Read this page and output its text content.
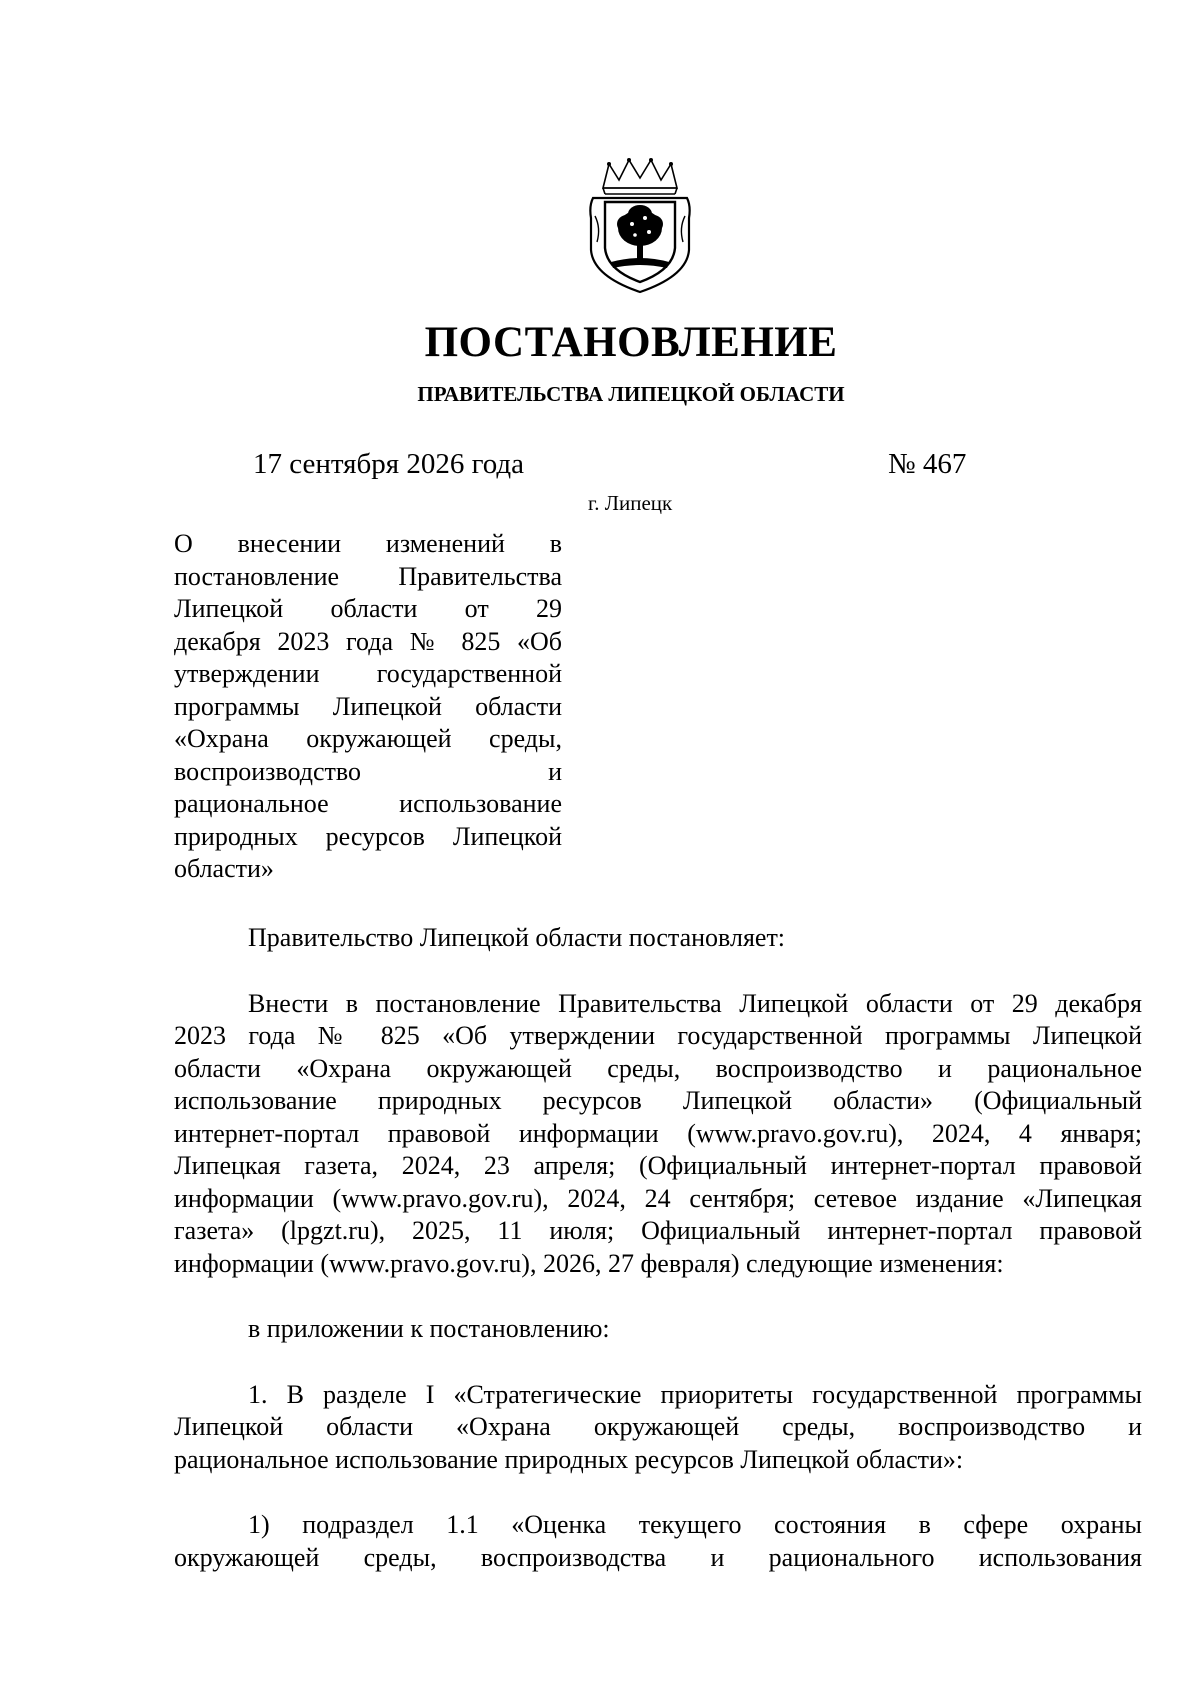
ПОСТАНОВЛЕНИЕ
ПРАВИТЕЛЬСТВА ЛИПЕЦКОЙ ОБЛАСТИ
17 сентября 2026 года	№ 467
г. Липецк
О внесении изменений в
постановление Правительства
Липецкой области от 29
декабря 2023 года № 825 «Об
утверждении государственной
программы Липецкой области
«Охрана окружающей среды,
воспроизводство и
рациональное использование
природных ресурсов Липецкой
области»
Правительство Липецкой области постановляет:
Внести в постановление Правительства Липецкой области от 29 декабря
2023 года № 825 «Об утверждении государственной программы Липецкой
области «Охрана окружающей среды, воспроизводство и рациональное
использование природных ресурсов Липецкой области» (Официальный
интернет-портал правовой информации (www.pravo.gov.ru), 2024, 4 января;
Липецкая газета, 2024, 23 апреля; (Официальный интернет-портал правовой
информации (www.pravo.gov.ru), 2024, 24 сентября; сетевое издание «Липецкая
газета» (lpgzt.ru), 2025, 11 июля; Официальный интернет-портал правовой
информации (www.pravo.gov.ru), 2026, 27 февраля) следующие изменения:
в приложении к постановлению:
1. В разделе I «Стратегические приоритеты государственной программы
Липецкой области «Охрана окружающей среды, воспроизводство и
рациональное использование природных ресурсов Липецкой области»:
1) подраздел 1.1 «Оценка текущего состояния в сфере охраны
окружающей среды, воспроизводства и рационального использования
